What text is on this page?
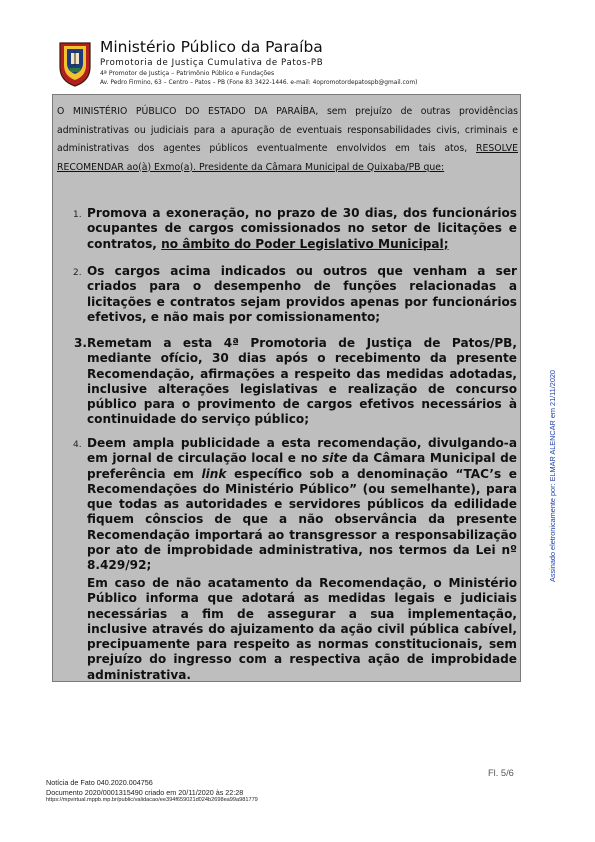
Ministério Público da Paraíba
Promotoria de Justiça Cumulativa de Patos-PB
4ª Promotor de Justiça – Patrimônio Público e Fundações
Av. Pedro Firmino, 63 – Centro – Patos – PB (Fone 83 3422-1446. e-mail: 4opromotordepatospb@gmail.com)
O MINISTÉRIO PÚBLICO DO ESTADO DA PARAÍBA, sem prejuízo de outras providências administrativas ou judiciais para a apuração de eventuais responsabilidades civis, criminais e administrativas dos agentes públicos eventualmente envolvidos em tais atos, RESOLVE RECOMENDAR ao(à) Exmo(a). Presidente da Câmara Municipal de Quixaba/PB que:
1. Promova a exoneração, no prazo de 30 dias, dos funcionários ocupantes de cargos comissionados no setor de licitações e contratos, no âmbito do Poder Legislativo Municipal;
2. Os cargos acima indicados ou outros que venham a ser criados para o desempenho de funções relacionadas a licitações e contratos sejam providos apenas por funcionários efetivos, e não mais por comissionamento;
3. Remetam a esta 4ª Promotoria de Justiça de Patos/PB, mediante ofício, 30 dias após o recebimento da presente Recomendação, afirmações a respeito das medidas adotadas, inclusive alterações legislativas e realização de concurso público para o provimento de cargos efetivos necessários à continuidade do serviço público;
4. Deem ampla publicidade a esta recomendação, divulgando-a em jornal de circulação local e no site da Câmara Municipal de preferência em link específico sob a denominação “TAC’s e Recomendações do Ministério Público” (ou semelhante), para que todas as autoridades e servidores públicos da edilidade fiquem cônscios de que a não observância da presente Recomendação importará ao transgressor a responsabilização por ato de improbidade administrativa, nos termos da Lei nº 8.429/92;
Em caso de não acatamento da Recomendação, o Ministério Público informa que adotará as medidas legais e judiciais necessárias a fim de assegurar a sua implementação, inclusive através do ajuizamento da ação civil pública cabível, precipuamente para respeito as normas constitucionais, sem prejuízo do ingresso com a respectiva ação de improbidade administrativa.
Assinado eletronicamente por: ELMAR ALENCAR em 21/11/2020
Fl. 5/6
Notícia de Fato 040.2020.004756
Documento 2020/0001315490 criado em 20/11/2020 às 22:28
https://mpvirtual.mppb.mp.br/public/validacao/ee394f659021d024b2698ea99a981779
